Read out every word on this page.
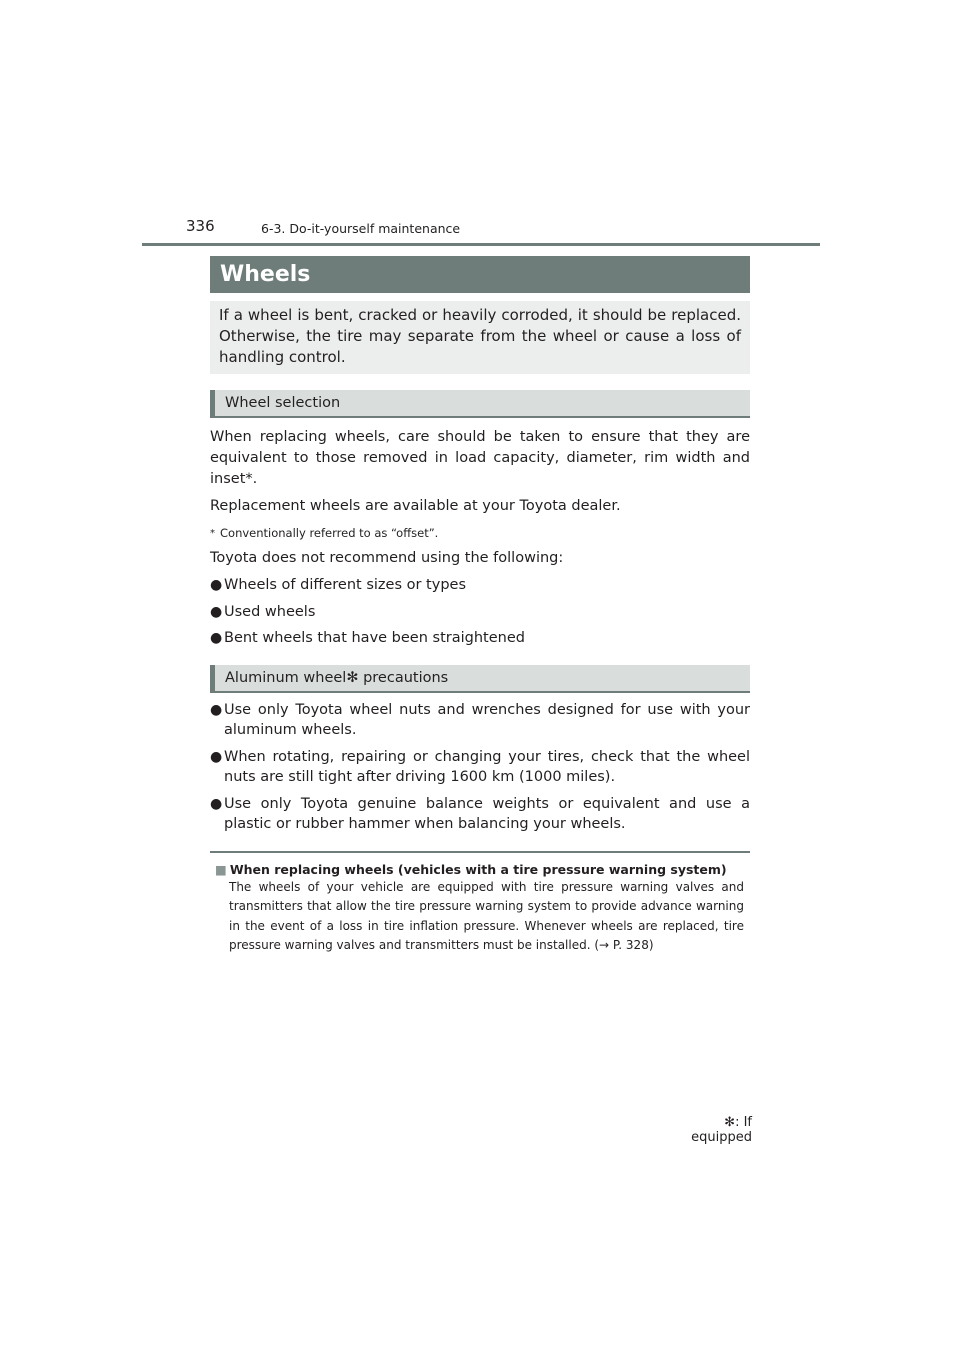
336	6-3. Do-it-yourself maintenance
Wheels
If a wheel is bent, cracked or heavily corroded, it should be replaced. Otherwise, the tire may separate from the wheel or cause a loss of handling control.
Wheel selection

When replacing wheels, care should be taken to ensure that they are equivalent to those removed in load capacity, diameter, rim width and inset*.

Replacement wheels are available at your Toyota dealer.

* Conventionally referred to as “offset”.
Toyota does not recommend using the following:
● Wheels of different sizes or types
● Used wheels
● Bent wheels that have been straightened
Aluminum wheel✻ precautions
● Use only Toyota wheel nuts and wrenches designed for use with your aluminum wheels.
● When rotating, repairing or changing your tires, check that the wheel nuts are still tight after driving 1600 km (1000 miles).
● Use only Toyota genuine balance weights or equivalent and use a plastic or rubber hammer when balancing your wheels.
■ When replacing wheels (vehicles with a tire pressure warning system)
The wheels of your vehicle are equipped with tire pressure warning valves and transmitters that allow the tire pressure warning system to provide advance warning in the event of a loss in tire inflation pressure. Whenever wheels are replaced, tire pressure warning valves and transmitters must be installed. (→ P. 328)
✻: If equipped
